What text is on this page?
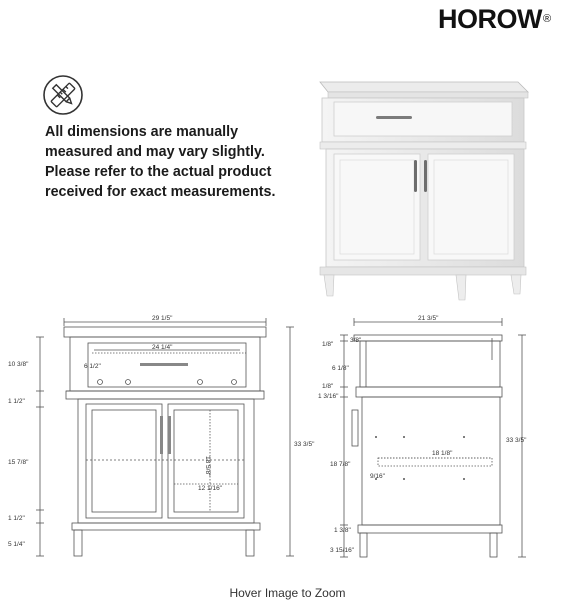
HOROW®
All dimensions are manually
measured and may vary slightly.
Please refer to the actual product
received for exact measurements.
29 1/5"
24 1/4"
6 1/2"
10 3/8"
1 1/2"
15 7/8"
1 1/2"
5 1/4"
33 3/5"
18 5/8"
12 1/16"
21 3/5"
1/8"
3/8"
6 1/8"
1/8"
1 3/16"
18 7/8"
18 1/8"
9/16"
33 3/5"
1 3/8"
3 15/16"
Hover Image to Zoom
